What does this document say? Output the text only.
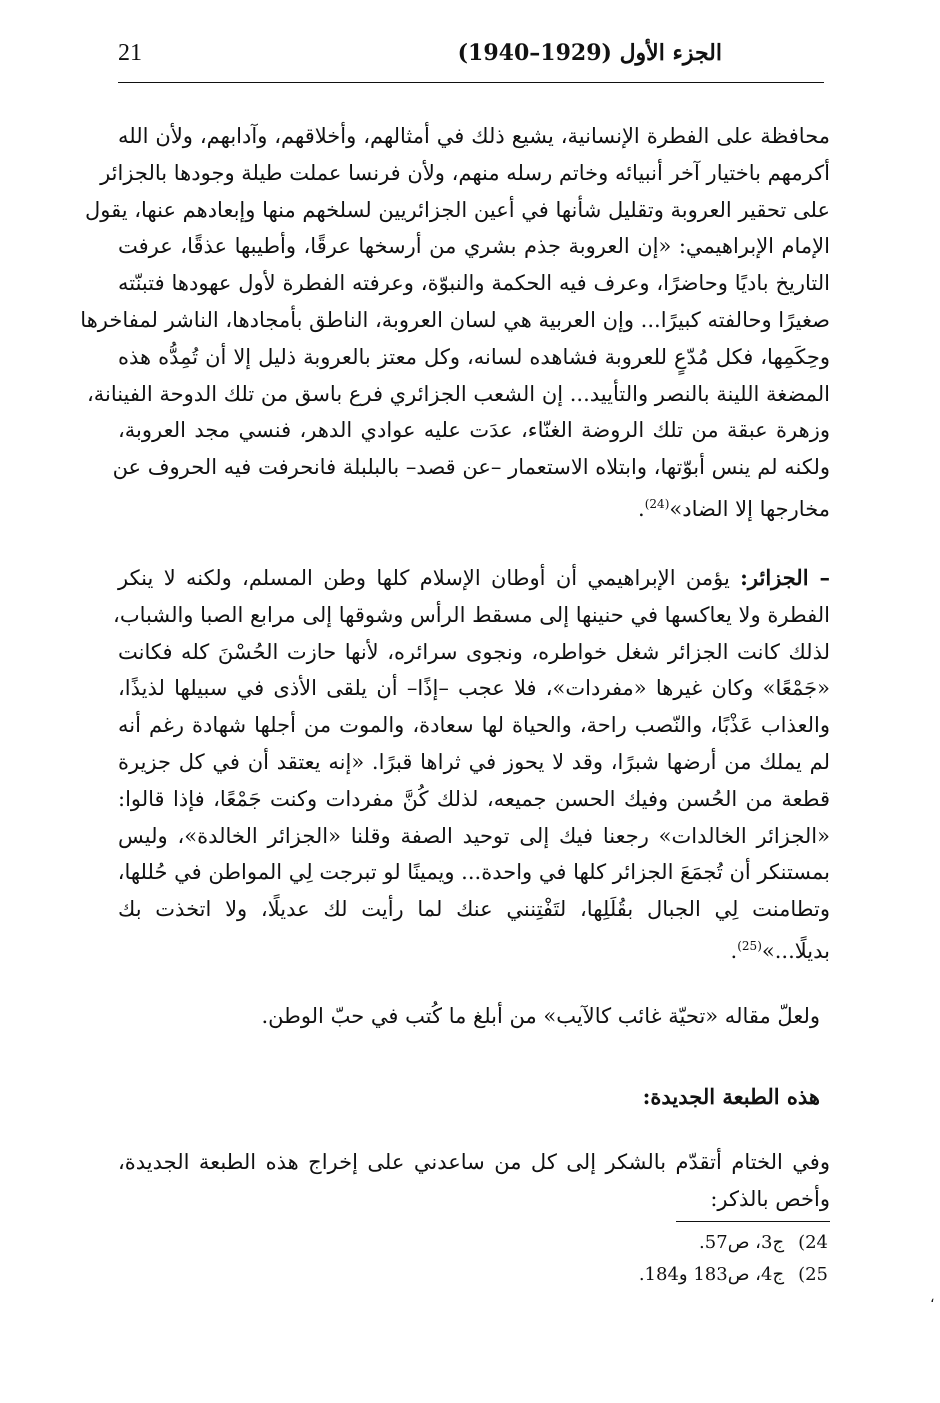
21	الجزء الأول (1929–1940)
محافظة على الفطرة الإنسانية، يشيع ذلك في أمثالهم، وأخلاقهم، وآدابهم، ولأن الله
أكرمهم باختيار آخر أنبيائه وخاتم رسله منهم، ولأن فرنسا عملت طيلة وجودها بالجزائر
على تحقير العروبة وتقليل شأنها في أعين الجزائريين لسلخهم منها وإبعادهم عنها، يقول
الإمام الإبراهيمي: «إن العروبة جذم بشري من أرسخها عرقًا، وأطيبها عذقًا، عرفت
التاريخ باديًا وحاضرًا، وعرف فيه الحكمة والنبوّة، وعرفته الفطرة لأول عهودها فتبنّته
صغيرًا وحالفته كبيرًا... وإن العربية هي لسان العروبة، الناطق بأمجادها، الناشر لمفاخرها
وحِكَمِها، فكل مُدّعٍ للعروبة فشاهده لسانه، وكل معتز بالعروبة ذليل إلا أن تُمِدُّه هذه
المضغة اللينة بالنصر والتأييد... إن الشعب الجزائري فرع باسق من تلك الدوحة الفينانة،
وزهرة عبقة من تلك الروضة الغنّاء، عدَت عليه عوادي الدهر، فنسي مجد العروبة،
ولكنه لم ينس أبوّتها، وابتلاه الاستعمار –عن قصد– بالبلبلة فانحرفت فيه الحروف عن
مخارجها إلا الضاد»$^{(24)}$.
– الجزائر: يؤمن الإبراهيمي أن أوطان الإسلام كلها وطن المسلم، ولكنه لا ينكر
الفطرة ولا يعاكسها في حنينها إلى مسقط الرأس وشوقها إلى مرابع الصبا والشباب،
لذلك كانت الجزائر شغل خواطره، ونجوى سرائره، لأنها حازت الحُسْنَ كله فكانت
«جَمْعًا» وكان غيرها «مفردات»، فلا عجب –إذًا– أن يلقى الأذى في سبيلها لذيذًا،
والعذاب عَذْبًا، والنّصب راحة، والحياة لها سعادة، والموت من أجلها شهادة رغم أنه
لم يملك من أرضها شبرًا، وقد لا يحوز في ثراها قبرًا. «إنه يعتقد أن في كل جزيرة
قطعة من الحُسن وفيك الحسن جميعه، لذلك كُنَّ مفردات وكنت جَمْعًا، فإذا قالوا:
«الجزائر الخالدات» رجعنا فيك إلى توحيد الصفة وقلنا «الجزائر الخالدة»، وليس
بمستنكر أن تُجمَعَ الجزائر كلها في واحدة... ويمينًا لو تبرجت لِي المواطن في حُللها،
وتطامنت لِي الجبال بقُلَلِها، لتَفْتِنني عنك لما رأيت لك عديلًا، ولا اتخذت بك
بديلًا...»$^{(25)}$.
ولعلّ مقاله «تحيّة غائب كالآيب» من أبلغ ما كُتب في حبّ الوطن.
هذه الطبعة الجديدة:
وفي الختام أتقدّم بالشكر إلى كل من ساعدني على إخراج هذه الطبعة الجديدة،
وأخص بالذكر:
24)ج3، ص57.
25)ج4، ص183 و184.
،
